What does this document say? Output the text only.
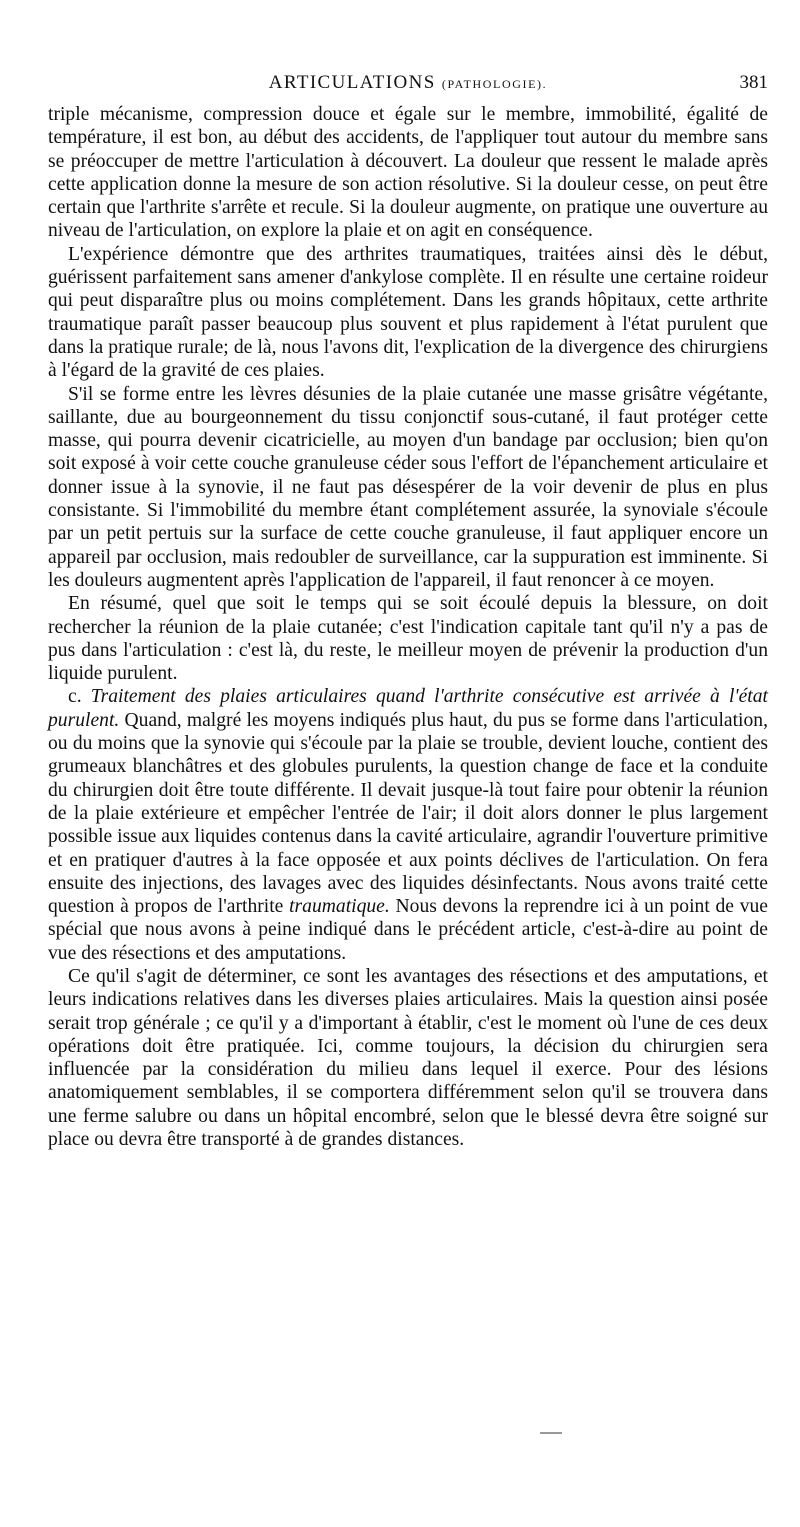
ARTICULATIONS (PATHOLOGIE).	381

triple mécanisme, compression douce et égale sur le membre, immobilité, égalité de température, il est bon, au début des accidents, de l'appliquer tout autour du membre sans se préoccuper de mettre l'articulation à découvert. La douleur que ressent le malade après cette application donne la mesure de son action résolutive. Si la douleur cesse, on peut être certain que l'arthrite s'arrête et recule. Si la douleur augmente, on pratique une ouverture au niveau de l'articulation, on explore la plaie et on agit en conséquence.

L'expérience démontre que des arthrites traumatiques, traitées ainsi dès le début, guérissent parfaitement sans amener d'ankylose complète. Il en résulte une certaine roideur qui peut disparaître plus ou moins complétement. Dans les grands hôpitaux, cette arthrite traumatique paraît passer beaucoup plus souvent et plus rapidement à l'état purulent que dans la pratique rurale; de là, nous l'avons dit, l'explication de la divergence des chirurgiens à l'égard de la gravité de ces plaies.

S'il se forme entre les lèvres désunies de la plaie cutanée une masse grisâtre végétante, saillante, due au bourgeonnement du tissu conjonctif sous-cutané, il faut protéger cette masse, qui pourra devenir cicatricielle, au moyen d'un bandage par occlusion; bien qu'on soit exposé à voir cette couche granuleuse céder sous l'effort de l'épanchement articulaire et donner issue à la synovie, il ne faut pas désespérer de la voir devenir de plus en plus consistante. Si l'immobilité du membre étant complétement assurée, la synoviale s'écoule par un petit pertuis sur la surface de cette couche granuleuse, il faut appliquer encore un appareil par occlusion, mais redoubler de surveillance, car la suppuration est imminente. Si les douleurs augmentent après l'application de l'appareil, il faut renoncer à ce moyen.

En résumé, quel que soit le temps qui se soit écoulé depuis la blessure, on doit rechercher la réunion de la plaie cutanée; c'est l'indication capitale tant qu'il n'y a pas de pus dans l'articulation : c'est là, du reste, le meilleur moyen de prévenir la production d'un liquide purulent.

c. Traitement des plaies articulaires quand l'arthrite consécutive est arrivée à l'état purulent. Quand, malgré les moyens indiqués plus haut, du pus se forme dans l'articulation, ou du moins que la synovie qui s'écoule par la plaie se trouble, devient louche, contient des grumeaux blanchâtres et des globules purulents, la question change de face et la conduite du chirurgien doit être toute différente. Il devait jusque-là tout faire pour obtenir la réunion de la plaie extérieure et empêcher l'entrée de l'air; il doit alors donner le plus largement possible issue aux liquides contenus dans la cavité articulaire, agrandir l'ouverture primitive et en pratiquer d'autres à la face opposée et aux points déclives de l'articulation. On fera ensuite des injections, des lavages avec des liquides désinfectants. Nous avons traité cette question à propos de l'arthrite traumatique. Nous devons la reprendre ici à un point de vue spécial que nous avons à peine indiqué dans le précédent article, c'est-à-dire au point de vue des résections et des amputations.

Ce qu'il s'agit de déterminer, ce sont les avantages des résections et des amputations, et leurs indications relatives dans les diverses plaies articulaires. Mais la question ainsi posée serait trop générale ; ce qu'il y a d'important à établir, c'est le moment où l'une de ces deux opérations doit être pratiquée. Ici, comme toujours, la décision du chirurgien sera influencée par la considération du milieu dans lequel il exerce. Pour des lésions anatomiquement semblables, il se comportera différemment selon qu'il se trouvera dans une ferme salubre ou dans un hôpital encombré, selon que le blessé devra être soigné sur place ou devra être transporté à de grandes distances.
